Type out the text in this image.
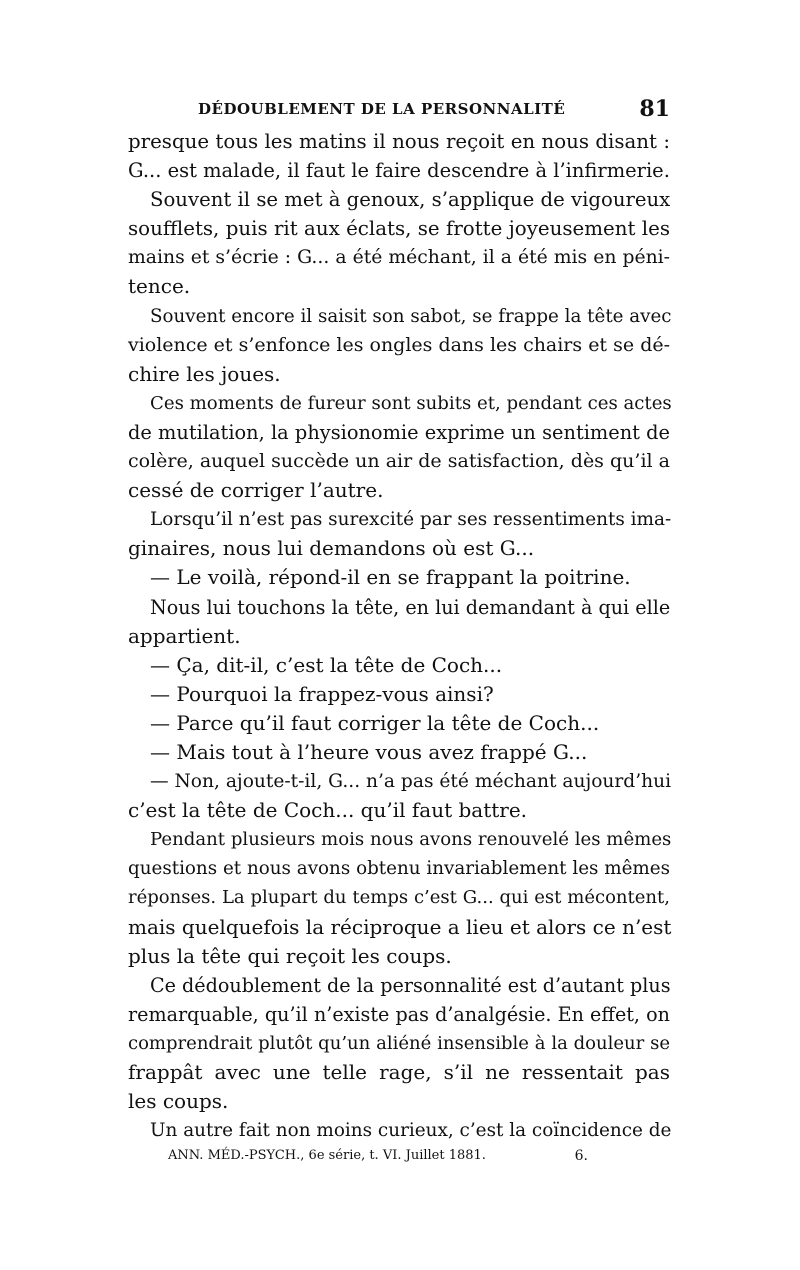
DÉDOUBLEMENT DE LA PERSONNALITÉ	81
presque tous les matins il nous reçoit en nous disant :
G... est malade, il faut le faire descendre à l’infirmerie.
Souvent il se met à genoux, s’applique de vigoureux
soufflets, puis rit aux éclats, se frotte joyeusement les
mains et s’écrie : G... a été méchant, il a été mis en péni-
tence.
Souvent encore il saisit son sabot, se frappe la tête avec
violence et s’enfonce les ongles dans les chairs et se dé-
chire les joues.
Ces moments de fureur sont subits et, pendant ces actes
de mutilation, la physionomie exprime un sentiment de
colère, auquel succède un air de satisfaction, dès qu’il a
cessé de corriger l’autre.
Lorsqu’il n’est pas surexcité par ses ressentiments ima-
ginaires, nous lui demandons où est G...
— Le voilà, répond-il en se frappant la poitrine.
Nous lui touchons la tête, en lui demandant à qui elle
appartient.
— Ça, dit-il, c’est la tête de Coch...
— Pourquoi la frappez-vous ainsi?
— Parce qu’il faut corriger la tête de Coch...
— Mais tout à l’heure vous avez frappé G...
— Non, ajoute-t-il, G... n’a pas été méchant aujourd’hui
c’est la tête de Coch... qu’il faut battre.
Pendant plusieurs mois nous avons renouvelé les mêmes
questions et nous avons obtenu invariablement les mêmes
réponses. La plupart du temps c’est G... qui est mécontent,
mais quelquefois la réciproque a lieu et alors ce n’est
plus la tête qui reçoit les coups.
Ce dédoublement de la personnalité est d’autant plus
remarquable, qu’il n’existe pas d’analgésie. En effet, on
comprendrait plutôt qu’un aliéné insensible à la douleur se
frappât avec une telle rage, s’il ne ressentait pas
les coups.
Un autre fait non moins curieux, c’est la coïncidence de
ANN. MÉD.-PSYCH., 6e série, t. VI. Juillet 1881.	6.
